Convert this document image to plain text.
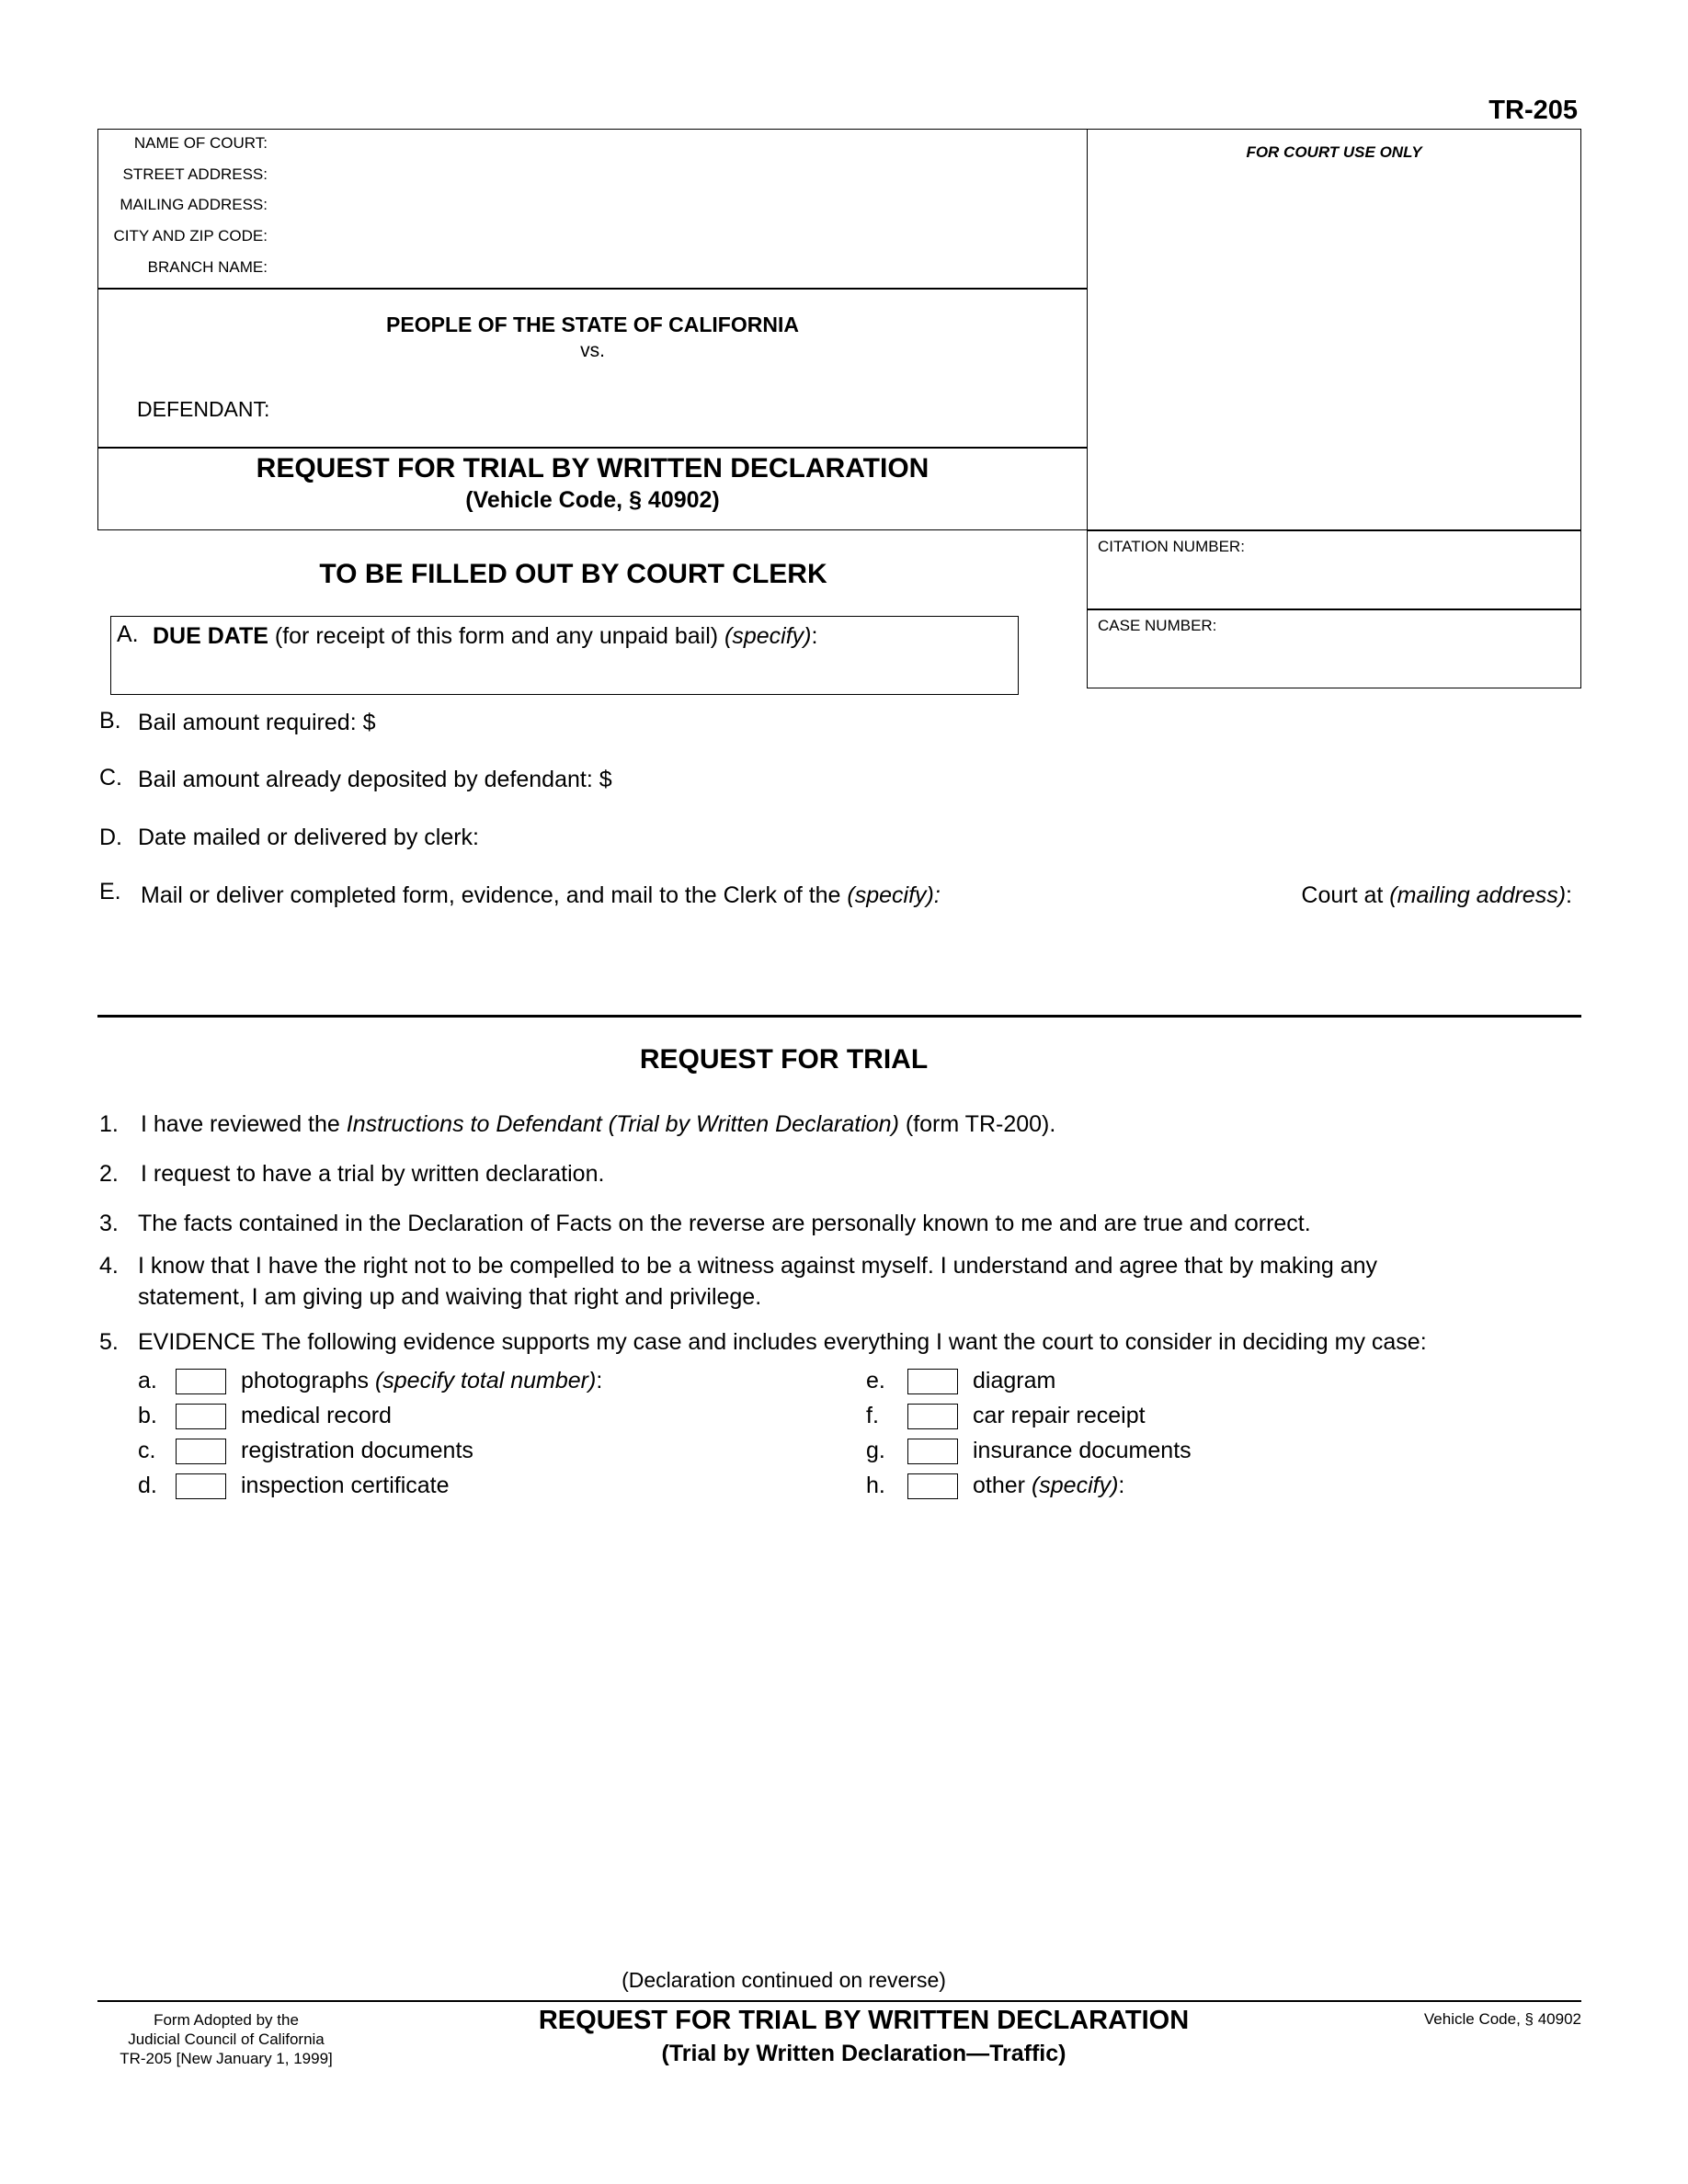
TR-205
NAME OF COURT:
STREET ADDRESS:
MAILING ADDRESS:
CITY AND ZIP CODE:
BRANCH NAME:
PEOPLE OF THE STATE OF CALIFORNIA
vs.
DEFENDANT:
REQUEST FOR TRIAL BY WRITTEN DECLARATION
(Vehicle Code, § 40902)
FOR COURT USE ONLY
CITATION NUMBER:
CASE NUMBER:
TO BE FILLED OUT BY COURT CLERK
A. DUE DATE (for receipt of this form and any unpaid bail) (specify):
B. Bail amount required: $
C. Bail amount already deposited by defendant: $
D. Date mailed or delivered by clerk:
E. Mail or deliver completed form, evidence, and mail to the Clerk of the (specify):	Court at (mailing address):
REQUEST FOR TRIAL
1. I have reviewed the Instructions to Defendant (Trial by Written Declaration) (form TR-200).
2. I request to have a trial by written declaration.
3. The facts contained in the Declaration of Facts on the reverse are personally known to me and are true and correct.
4. I know that I have the right not to be compelled to be a witness against myself. I understand and agree that by making any
statement, I am giving up and waiving that right and privilege.
5. EVIDENCE The following evidence supports my case and includes everything I want the court to consider in deciding my case:
a.	photographs (specify total number):
b.	medical record
c.	registration documents
d.	inspection certificate
e.	diagram
f.	car repair receipt
g.	insurance documents
h.	other (specify):
(Declaration continued on reverse)
Form Adopted by the
Judicial Council of California
TR-205 [New January 1, 1999]
REQUEST FOR TRIAL BY WRITTEN DECLARATION
(Trial by Written Declaration—Traffic)
Vehicle Code, § 40902
